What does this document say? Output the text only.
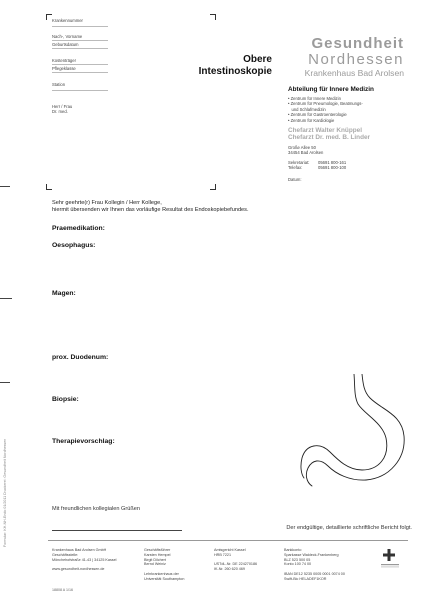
Krankennummer
Nach-, Vorname
Geburtsdatum
Kostenträger
Pflegeklasse
Station
Herr / Frau
Dr. med.
Obere
Intestinoskopie
Gesundheit
Nordhessen
Krankenhaus Bad Arolsen
Abteilung für Innere Medizin
• Zentrum für Innere Medizin
• Zentrum für Pneumologie, Beatmungs-
und Schlafmedizin
• Zentrum für Gastroenterologie
• Zentrum für Kardiologie
Chefarzt Walter Knüppel
Chefarzt Dr. med. B. Linder
Große Allee 50
34454 Bad Arolsen
Sekretariat: 05691 800-161
Telefax:	05691 800-100
Datum:
Formular: KH-NH-Endo 01/2011 Druckerei: Gesundheit Nordhessen
Sehr geehrte(r) Frau Kollegin / Herr Kollege,
hiermit übersenden wir Ihnen das vorläufige Resultat des Endoskopiebefundes.
Praemedikation:
Oesophagus:
Magen:
prox. Duodenum:
Biopsie:
Therapievorschlag:
Mit freundlichen kollegialen Grüßen
Der endgültige, detaillierte schriftliche Bericht folgt.
Krankenhaus Bad Arolsen GmbH
Geschäftsstelle:
Mönchehofstraße 41-43 | 34125 Kassel
www.gesundheit-nordhessen.de
Geschäftsführer
Karsten Hempel
Birgit Dilchert
Bernd Weiniz
Lehrkrankenhaus der
Universität Southampton
Amtsgericht Kassel
HRB 7221
USTdL-Nr. DE 224270186
IK-Nr. 260 620 469
Bankkonto
Sparkasse Waldeck-Frankenberg
BLZ 523 500 05
Konto 100 74 00
IBAN DE12 5235 0005 0001 0074 00
Swift-Bic HELADEF1KOR
18808 A 1/16
